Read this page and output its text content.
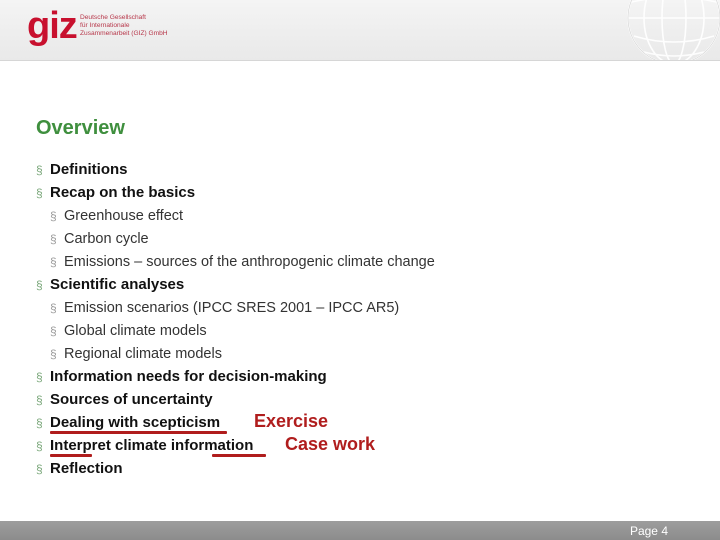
giz Deutsche Gesellschaft
für Internationale
Zusammenarbeit (GIZ) GmbH
Overview
§ Definitions
§ Recap on the basics
§ Greenhouse effect
§ Carbon cycle
§ Emissions – sources of the anthropogenic climate change
§ Scientific analyses
§ Emission scenarios (IPCC SRES 2001 – IPCC AR5)
§ Global climate models
§ Regional climate models
§ Information needs for decision-making
§ Sources of uncertainty
§ Dealing with scepticism Exercise
§ Interpret climate information Case work
§ Reflection
Page 4
